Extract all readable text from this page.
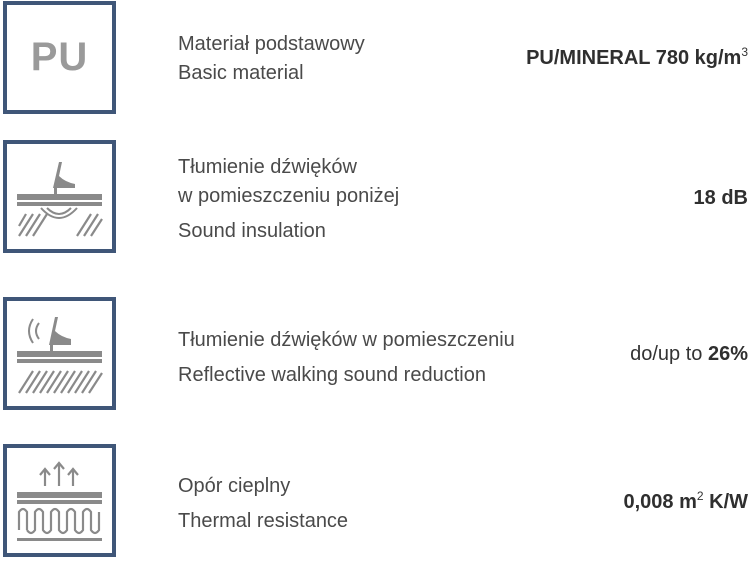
PU	Materiał podstawowy
Basic material
PU/MINERAL 780 $kg/m^3$
Tłumienie dźwięków
w pomieszczeniu poniżej
Sound insulation
18 dB
Tłumienie dźwięków w pomieszczeniu
Reflective walking sound reduction
do/up to 26%
Opór cieplny
Thermal resistance
0,008 $m^2$ K/W
